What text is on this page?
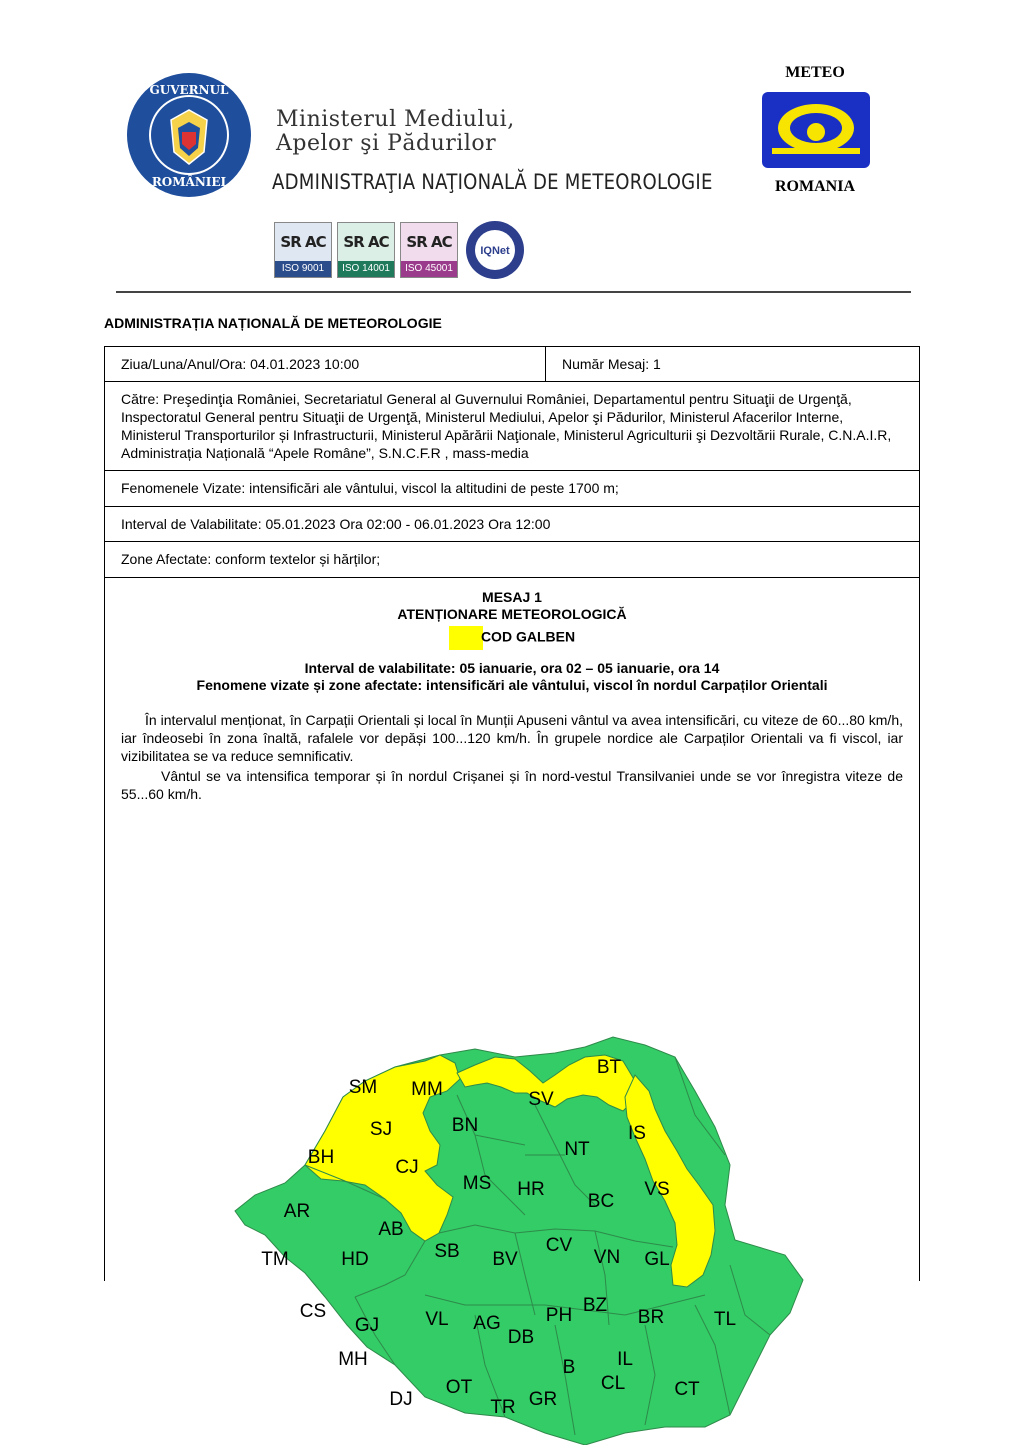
GUVERNUL
ROMÂNIEI
Ministerul Mediului,
Apelor şi Pădurilor
ADMINISTRAŢIA NAŢIONALĂ DE METEOROLOGIE
SR AC
ISO 9001
SR AC
ISO 14001
SR AC
ISO 45001
IQNet
METEO
ROMANIA
ADMINISTRAȚIA NAȚIONALĂ DE METEOROLOGIE
Ziua/Luna/Anul/Ora: 04.01.2023 10:00	Număr Mesaj: 1
Către: Preşedinţia României, Secretariatul General al Guvernului României, Departamentul pentru Situaţii de Urgenţă, Inspectoratul General pentru Situaţii de Urgenţă, Ministerul Mediului, Apelor şi Pădurilor, Ministerul Afacerilor Interne, Ministerul Transporturilor și Infrastructurii, Ministerul Apărării Naţionale, Ministerul Agriculturii şi Dezvoltării Rurale, C.N.A.I.R, Administrația Națională “Apele Române”, S.N.C.F.R , mass-media
Fenomenele Vizate: intensificări ale vântului, viscol la altitudini de peste 1700 m;
Interval de Valabilitate: 05.01.2023 Ora 02:00 - 06.01.2023 Ora 12:00
Zone Afectate: conform textelor și hărților;
MESAJ 1
ATENȚIONARE METEOROLOGICĂ
COD GALBEN
Interval de valabilitate: 05 ianuarie, ora 02 – 05 ianuarie, ora 14
Fenomene vizate și zone afectate: intensificări ale vântului, viscol în nordul Carpaților Orientali
În intervalul menționat, în Carpații Orientali și local în Munții Apuseni vântul va avea intensificări, cu viteze de 60...80 km/h, iar îndeosebi în zona înaltă, rafalele vor depăși 100...120 km/h. În grupele nordice ale Carpaților Orientali va fi viscol, iar vizibilitatea se va reduce semnificativ.
Vântul se va intensifica temporar și în nordul Crișanei și în nord-vestul Transilvaniei unde se vor înregistra viteze de 55...60 km/h.
BT
SM MM	SV
SJ	BN	IS
BH	CJ
NT
MS HR	VS
AR	BC
AB
CV
TM	HD	SB BV	VN GL
CS	PH BZ
GJ VL AG	BR	TL
DB
MH	IL
B
OT	CL
DJ	TR GR	CT
